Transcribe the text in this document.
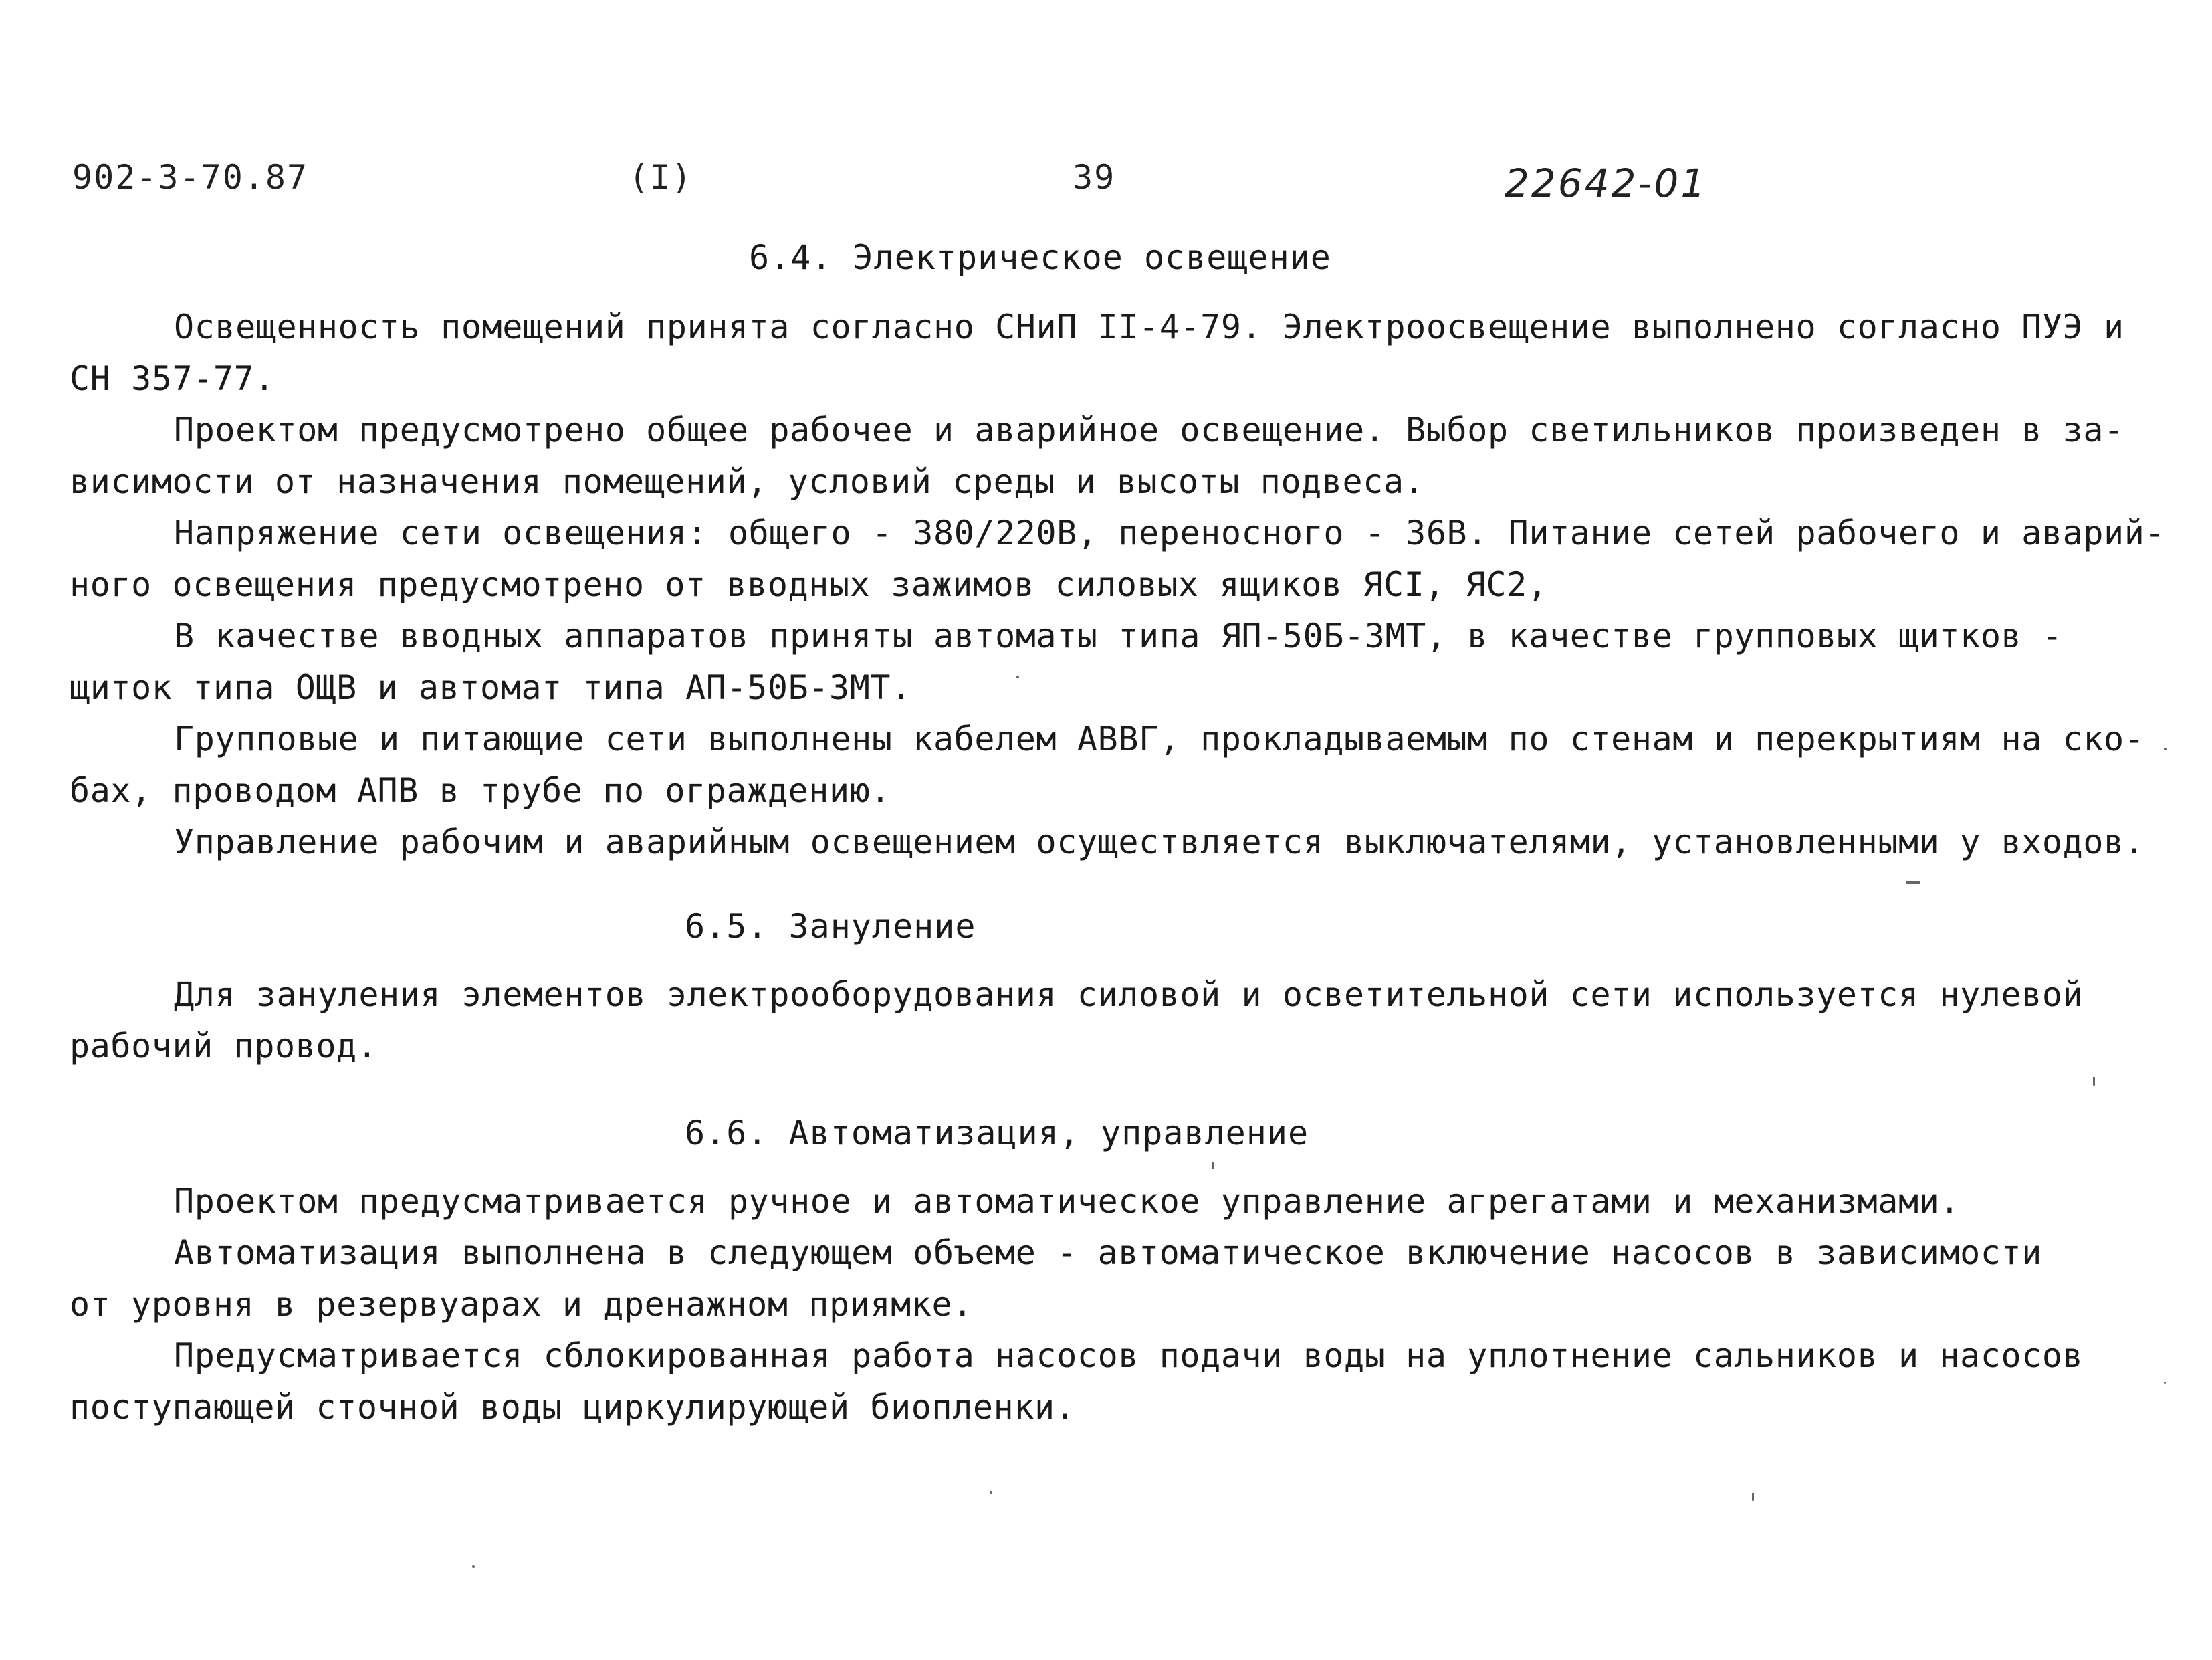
902-3-70.87	(I)	39	22642-01
6.4. Электрическое освещение
Освещенность помещений принята согласно СНиП II-4-79. Электроосвещение выполнено согласно ПУЭ и
СН 357-77.
Проектом предусмотрено общее рабочее и аварийное освещение. Выбор светильников произведен в за-
висимости от назначения помещений, условий среды и высоты подвеса.
Напряжение сети освещения: общего - 380/220В, переносного - 36В. Питание сетей рабочего и аварий-
ного освещения предусмотрено от вводных зажимов силовых ящиков ЯСI, ЯС2,
В качестве вводных аппаратов приняты автоматы типа ЯП-50Б-3МТ, в качестве групповых щитков -
щиток типа ОЩВ и автомат типа АП-50Б-3МТ.
Групповые и питающие сети выполнены кабелем АВВГ, прокладываемым по стенам и перекрытиям на ско-
бах, проводом АПВ в трубе по ограждению.
Управление рабочим и аварийным освещением осуществляется выключателями, установленными у входов.
6.5. Зануление
Для зануления элементов электрооборудования силовой и осветительной сети используется нулевой
рабочий провод.
6.6. Автоматизация, управление
Проектом предусматривается ручное и автоматическое управление агрегатами и механизмами.
Автоматизация выполнена в следующем объеме - автоматическое включение насосов в зависимости
от уровня в резервуарах и дренажном приямке.
Предусматривается сблокированная работа насосов подачи воды на уплотнение сальников и насосов
поступающей сточной воды циркулирующей биопленки.
